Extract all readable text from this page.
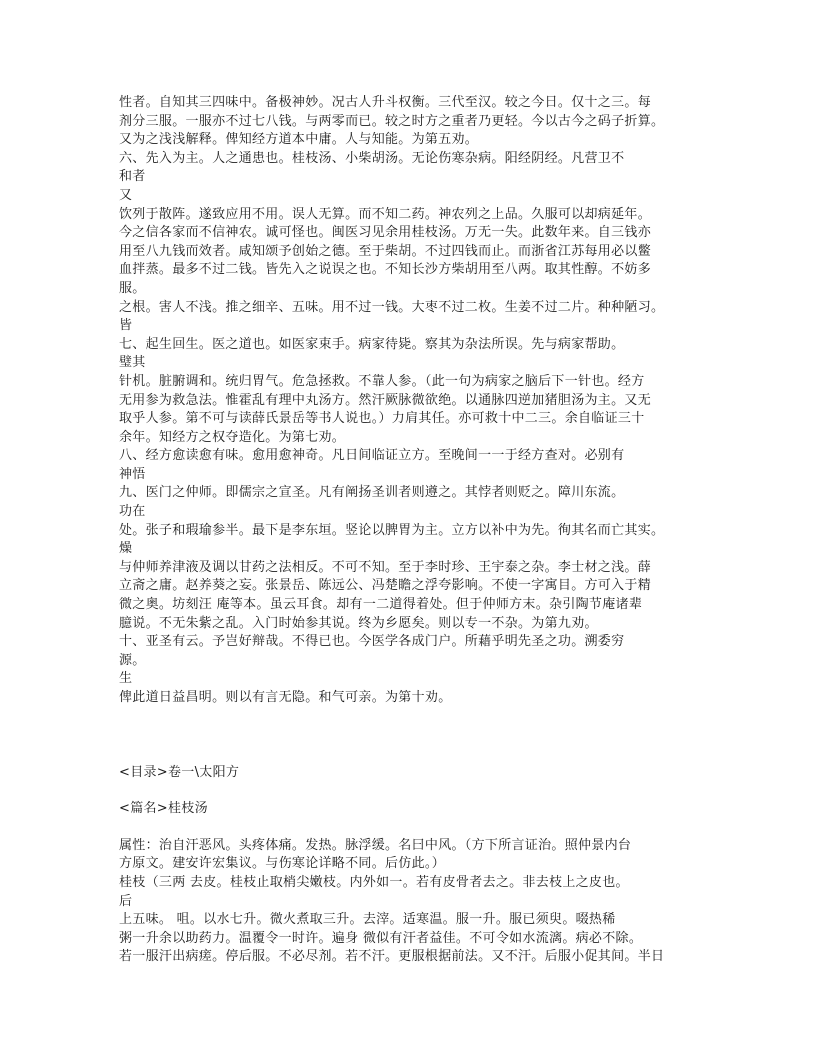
性者。自知其三四味中。备极神妙。况古人升斗权衡。三代至汉。较之今日。仅十之三。每
剂分三服。一服亦不过七八钱。与两零而已。较之时方之重者乃更轻。今以古今之码子折算。
又为之浅浅解释。俾知经方道本中庸。人与知能。为第五劝。
六、先入为主。人之通患也。桂枝汤、小柴胡汤。无论伤寒杂病。阳经阴经。凡营卫不
和者
又
饮列于散阵。遂致应用不用。误人无算。而不知二药。神农列之上品。久服可以却病延年。
今之信各家而不信神农。诚可怪也。闽医习见余用桂枝汤。万无一失。此数年来。自三钱亦
用至八九钱而效者。咸知颂予创始之德。至于柴胡。不过四钱而止。而浙省江苏每用必以鳖
血拌蒸。最多不过二钱。皆先入之说误之也。不知长沙方柴胡用至八两。取其性醇。不妨多
服。
之根。害人不浅。推之细辛、五味。用不过一钱。大枣不过二枚。生姜不过二片。种种陋习。
皆
七、起生回生。医之道也。如医家束手。病家待毙。察其为杂法所误。先与病家帮助。
璧其
针机。脏腑调和。统归胃气。危急拯救。不靠人参。（此一句为病家之脑后下一针也。经方
无用参为救急法。惟霍乱有理中丸汤方。然汗厥脉微欲绝。以通脉四逆加猪胆汤为主。又无
取乎人参。第不可与读薛氏景岳等书人说也。）力肩其任。亦可救十中二三。余自临证三十
余年。知经方之权夺造化。为第七劝。
八、经方愈读愈有味。愈用愈神奇。凡日间临证立方。至晚间一一于经方查对。必别有
神悟
九、医门之仲师。即儒宗之宣圣。凡有阐扬圣训者则遵之。其悖者则贬之。障川东流。
功在
处。张子和瑕瑜参半。最下是李东垣。竖论以脾胃为主。立方以补中为先。徇其名而亡其实。
燥
与仲师养津液及调以甘药之法相反。不可不知。至于李时珍、王宇泰之杂。李士材之浅。薛
立斋之庸。赵养葵之妄。张景岳、陈远公、冯楚瞻之浮夸影响。不使一字寓目。方可入于精
微之奥。坊刻汪 庵等本。虽云耳食。却有一二道得着处。但于仲师方末。杂引陶节庵诸辈
臆说。不无朱紫之乱。入门时始参其说。终为乡愿矣。则以专一不杂。为第九劝。
十、亚圣有云。予岂好辩哉。不得已也。今医学各成门户。所藉乎明先圣之功。溯委穷
源。
生
俾此道日益昌明。则以有言无隐。和气可亲。为第十劝。
<目录>卷一\太阳方
<篇名>桂枝汤
属性：治自汗恶风。头疼体痛。发热。脉浮缓。名曰中风。（方下所言证治。照仲景内台
方原文。建安许宏集议。与伤寒论详略不同。后仿此。）
桂枝（三两 去皮。桂枝止取梢尖嫩枝。内外如一。若有皮骨者去之。非去枝上之皮也。
后
上五味。 咀。以水七升。微火煮取三升。去滓。适寒温。服一升。服已须臾。啜热稀
粥一升余以助药力。温覆令一时许。遍身 微似有汗者益佳。不可令如水流漓。病必不除。
若一服汗出病瘥。停后服。不必尽剂。若不汗。更服根据前法。又不汗。后服小促其间。半日
